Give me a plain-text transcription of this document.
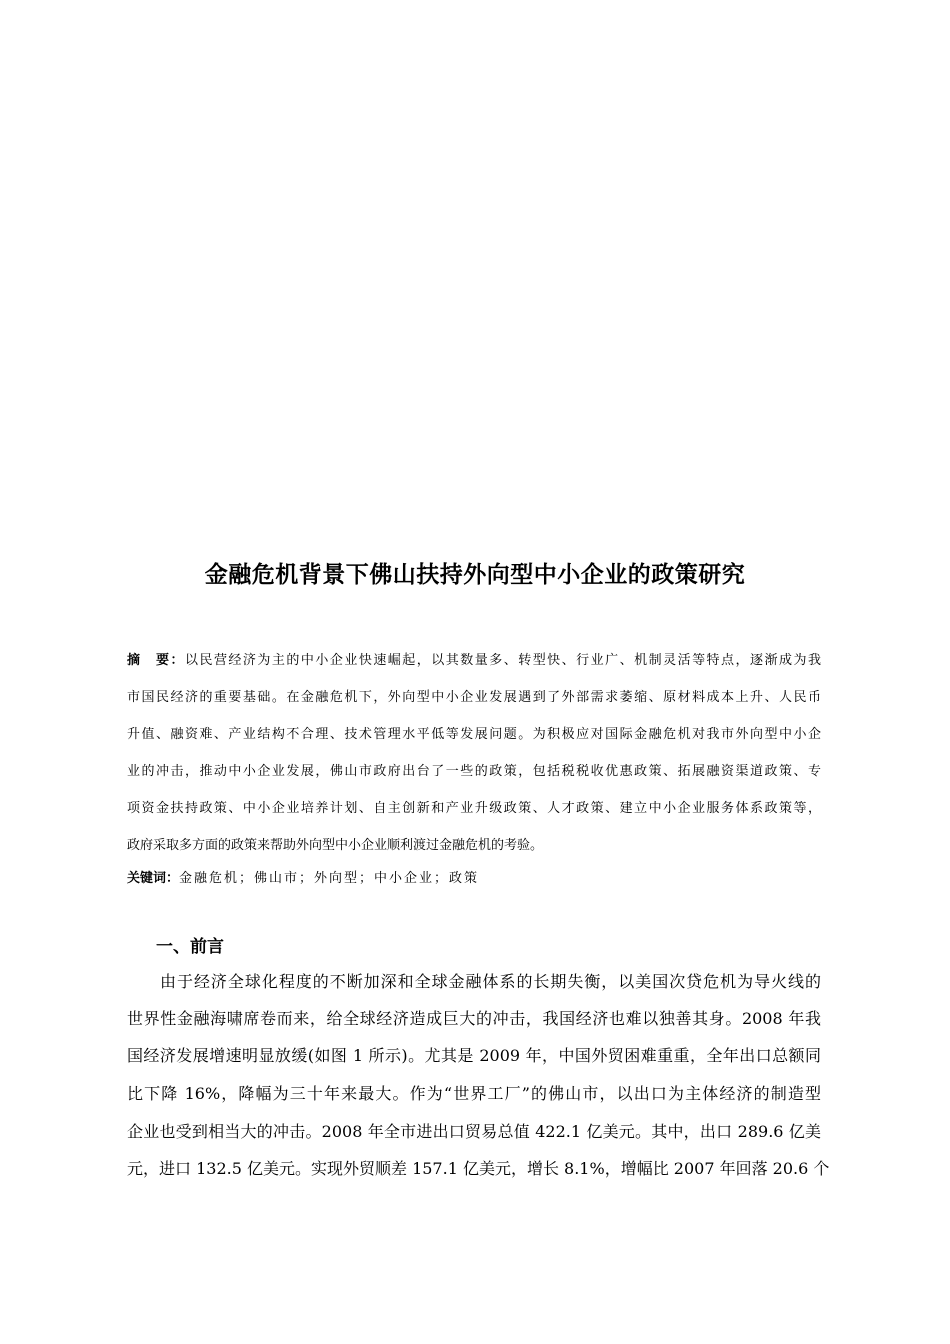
金融危机背景下佛山扶持外向型中小企业的政策研究
摘　要：以民营经济为主的中小企业快速崛起，以其数量多、转型快、行业广、机制灵活等特点，逐渐成为我
市国民经济的重要基础。在金融危机下，外向型中小企业发展遇到了外部需求萎缩、原材料成本上升、人民币
升值、融资难、产业结构不合理、技术管理水平低等发展问题。为积极应对国际金融危机对我市外向型中小企
业的冲击，推动中小企业发展，佛山市政府出台了一些的政策，包括税税收优惠政策、拓展融资渠道政策、专
项资金扶持政策、中小企业培养计划、自主创新和产业升级政策、人才政策、建立中小企业服务体系政策等，
政府采取多方面的政策来帮助外向型中小企业顺利渡过金融危机的考验。
关键词：金融危机；佛山市；外向型；中小企业；政策
一、前言
由于经济全球化程度的不断加深和全球金融体系的长期失衡，以美国次贷危机为导火线的
世界性金融海啸席卷而来，给全球经济造成巨大的冲击，我国经济也难以独善其身。2008 年我
国经济发展增速明显放缓(如图 1 所示)。尤其是 2009 年，中国外贸困难重重，全年出口总额同
比下降 16%，降幅为三十年来最大。作为“世界工厂”的佛山市，以出口为主体经济的制造型
企业也受到相当大的冲击。2008 年全市进出口贸易总值 422.1 亿美元。其中，出口 289.6 亿美
元，进口 132.5 亿美元。实现外贸顺差 157.1 亿美元，增长 8.1%，增幅比 2007 年回落 20.6 个
